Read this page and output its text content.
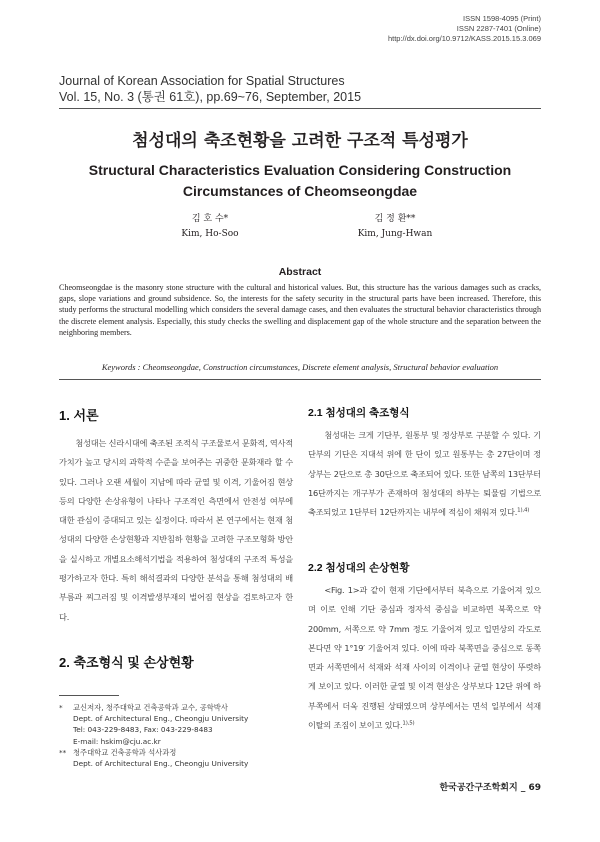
ISSN 1598-4095 (Print)
ISSN 2287-7401 (Online)
http://dx.doi.org/10.9712/KASS.2015.15.3.069
Journal of Korean Association for Spatial Structures
Vol. 15, No. 3 (통권 61호), pp.69~76, September, 2015
첨성대의 축조현황을 고려한 구조적 특성평가
Structural Characteristics Evaluation Considering Construction
Circumstances of Cheomseongdae
김 호 수*
Kim, Ho-Soo
김 정 환**
Kim, Jung-Hwan
Abstract
Cheomseongdae is the masonry stone structure with the cultural and historical values. But, this structure has the various damages such as cracks, gaps, slope variations and ground subsidence. So, the interests for the safety security in the structural parts have been increased. Therefore, this study performs the structural modelling which considers the several damage cases, and then evaluates the structural behavior characteristics through the discrete element analysis. Especially, this study checks the swelling and displacement gap of the whole structure and the separation between the neighboring members.
Keywords : Cheomseongdae, Construction circumstances, Discrete element analysis, Structural behavior evaluation
1. 서론

첨성대는 신라시대에 축조된 조적식 구조물로서 문화적, 역사적 가치가 높고 당시의 과학적 수준을 보여주는 귀중한 문화재라 할 수 있다. 그러나 오랜 세월이 지남에 따라 균열 및 이격, 기울어짐 현상 등의 다양한 손상유형이 나타나 구조적인 측면에서 안전성 여부에 대한 관심이 증대되고 있는 실정이다. 따라서 본 연구에서는 현재 첨성대의 다양한 손상현황과 지반침하 현황을 고려한 구조모형화 방안을 실시하고 개별요소해석기법을 적용하여 첨성대의 구조적 특성을 평가하고자 한다. 특히 해석결과의 다양한 분석을 통해 첨성대의 배부름과 찌그러짐 및 이격발생부재의 벌어짐 현상을 검토하고자 한다.

2. 축조형식 및 손상현황
2.1 첨성대의 축조형식

첨성대는 크게 기단부, 원통부 및 정상부로 구분할 수 있다. 기단부의 기단은 지대석 위에 한 단이 있고 원통부는 총 27단이며 정상부는 2단으로 총 30단으로 축조되어 있다. 또한 남쪽의 13단부터 16단까지는 개구부가 존재하며 첨성대의 하부는 퇴물림 기법으로 축조되었고 1단부터 12단까지는 내부에 적심이 채워져 있다.$^{1),4)}$

2.2 첨성대의 손상현황

<Fig. 1>과 같이 현재 기단에서부터 북측으로 기울어져 있으며 이로 인해 기단 중심과 정자석 중심을 비교하면 북쪽으로 약 200mm, 서쪽으로 약 7mm 정도 기울어져 있고 입면상의 각도로 본다면 약 1°19′ 기울어져 있다. 이에 따라 북쪽면을 중심으로 동쪽면과 서쪽면에서 석재와 석재 사이의 이격이나 균열 현상이 뚜렷하게 보이고 있다. 이러한 균열 및 이격 현상은 상부보다 12단 위에 하부쪽에서 더욱 진행된 상태였으며 상부에서는 면석 일부에서 석재 이탈의 조짐이 보이고 있다.$^{1),5)}$

*	교신저자, 청주대학교 건축공학과 교수, 공학박사
Dept. of Architectural Eng., Cheongju University
Tel: 043-229-8483, Fax: 043-229-8483
E-mail: hskim@cju.ac.kr
** 청주대학교 건축공학과 석사과정
Dept. of Architectural Eng., Cheongju University
한국공간구조학회지 _ 69
